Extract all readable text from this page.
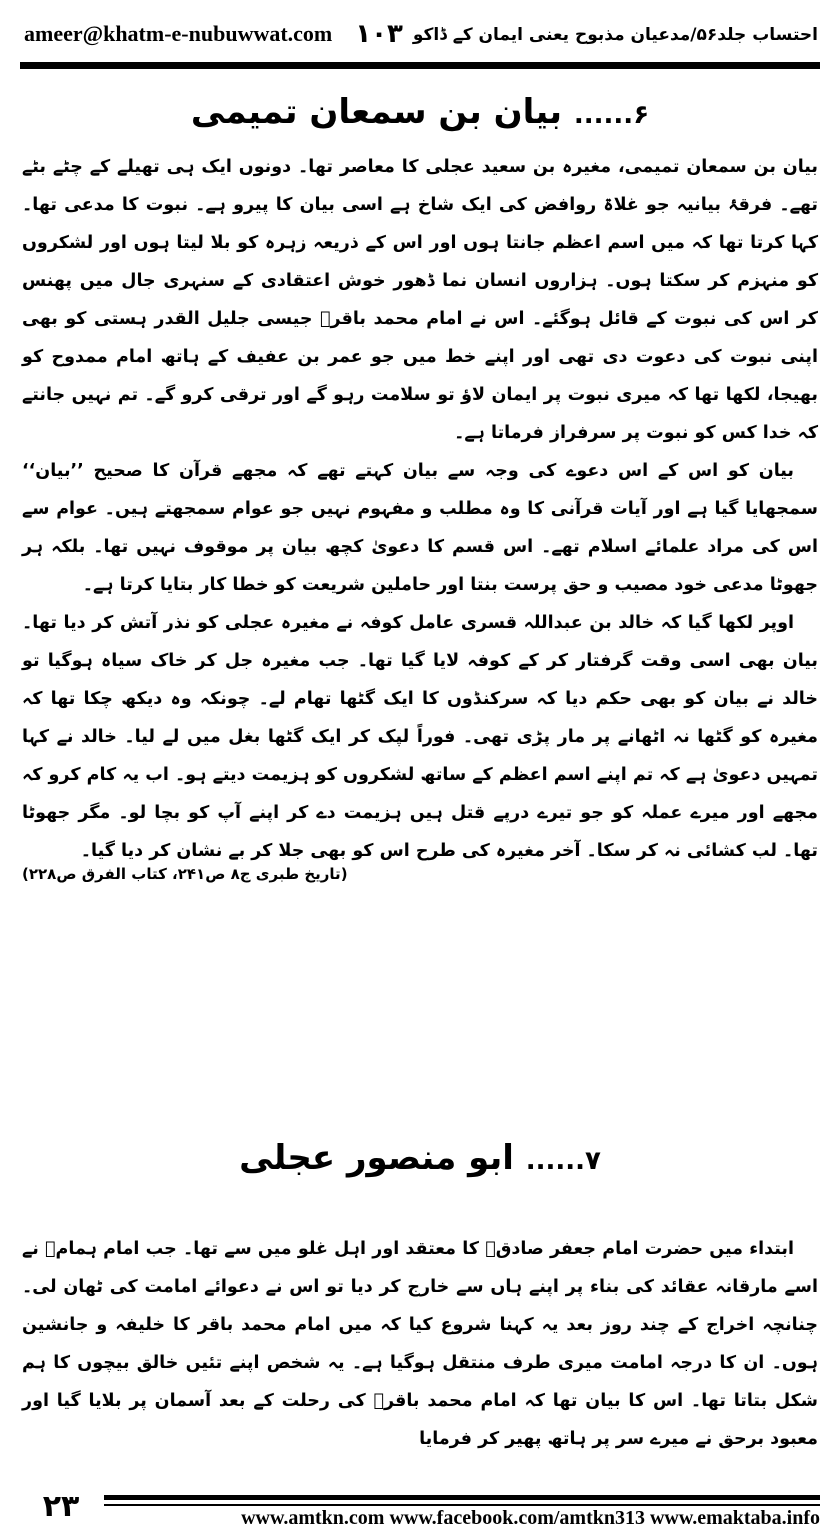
ameer@khatm-e-nubuwwat.com ۱۰۳ احتساب جلد۵۶/مدعیان مذبوح یعنی ایمان کے ڈاکو
۶...... بیان بن سمعان تمیمی

بیان بن سمعان تمیمی، مغیرہ بن سعید عجلی کا معاصر تھا۔ دونوں ایک ہی تھیلے کے چٹے بٹے تھے۔ فرقۂ بیانیہ جو غلاۃ روافض کی ایک شاخ ہے اسی بیان کا پیرو ہے۔ نبوت کا مدعی تھا۔ کہا کرتا تھا کہ میں اسم اعظم جانتا ہوں اور اس کے ذریعہ زہرہ کو بلا لیتا ہوں اور لشکروں کو منہزم کر سکتا ہوں۔ ہزاروں انسان نما ڈھور خوش اعتقادی کے سنہری جال میں پھنس کر اس کی نبوت کے قائل ہوگئے۔ اس نے امام محمد باقرؒ جیسی جلیل القدر ہستی کو بھی اپنی نبوت کی دعوت دی تھی اور اپنے خط میں جو عمر بن عفیف کے ہاتھ امام ممدوح کو بھیجا، لکھا تھا کہ میری نبوت پر ایمان لاؤ تو سلامت رہو گے اور ترقی کرو گے۔ تم نہیں جانتے کہ خدا کس کو نبوت پر سرفراز فرماتا ہے۔

بیان کو اس کے اس دعوے کی وجہ سے بیان کہتے تھے کہ مجھے قرآن کا صحیح ’’بیان‘‘ سمجھایا گیا ہے اور آیات قرآنی کا وہ مطلب و مفہوم نہیں جو عوام سمجھتے ہیں۔ عوام سے اس کی مراد علمائے اسلام تھے۔ اس قسم کا دعویٰ کچھ بیان پر موقوف نہیں تھا۔ بلکہ ہر جھوٹا مدعی خود مصیب و حق پرست بنتا اور حاملین شریعت کو خطا کار بتایا کرتا ہے۔

اوپر لکھا گیا کہ خالد بن عبداللہ قسری عامل کوفہ نے مغیرہ عجلی کو نذر آتش کر دیا تھا۔ بیان بھی اسی وقت گرفتار کر کے کوفہ لایا گیا تھا۔ جب مغیرہ جل کر خاک سیاہ ہوگیا تو خالد نے بیان کو بھی حکم دیا کہ سرکنڈوں کا ایک گٹھا تھام لے۔ چونکہ وہ دیکھ چکا تھا کہ مغیرہ کو گٹھا نہ اٹھانے پر مار پڑی تھی۔ فوراً لپک کر ایک گٹھا بغل میں لے لیا۔ خالد نے کہا تمہیں دعویٰ ہے کہ تم اپنے اسم اعظم کے ساتھ لشکروں کو ہزیمت دیتے ہو۔ اب یہ کام کرو کہ مجھے اور میرے عملہ کو جو تیرے درپے قتل ہیں ہزیمت دے کر اپنے آپ کو بچا لو۔ مگر جھوٹا تھا۔ لب کشائی نہ کر سکا۔ آخر مغیرہ کی طرح اس کو بھی جلا کر بے نشان کر دیا گیا۔

(تاریخ طبری ج۸ ص۲۴۱، کتاب الفرق ص۲۲۸)
۷...... ابو منصور عجلی

ابتداء میں حضرت امام جعفر صادقؒ کا معتقد اور اہل غلو میں سے تھا۔ جب امام ہمامؒ نے اسے مارقانہ عقائد کی بناء پر اپنے ہاں سے خارج کر دیا تو اس نے دعوائے امامت کی ٹھان لی۔ چنانچہ اخراج کے چند روز بعد یہ کہنا شروع کیا کہ میں امام محمد باقر کا خلیفہ و جانشین ہوں۔ ان کا درجہ امامت میری طرف منتقل ہوگیا ہے۔ یہ شخص اپنے تئیں خالق بیچوں کا ہم شکل بتاتا تھا۔ اس کا بیان تھا کہ امام محمد باقرؒ کی رحلت کے بعد آسمان پر بلایا گیا اور معبود برحق نے میرے سر پر ہاتھ پھیر کر فرمایا

۲۳	www.amtkn.com www.facebook.com/amtkn313 www.emaktaba.info
